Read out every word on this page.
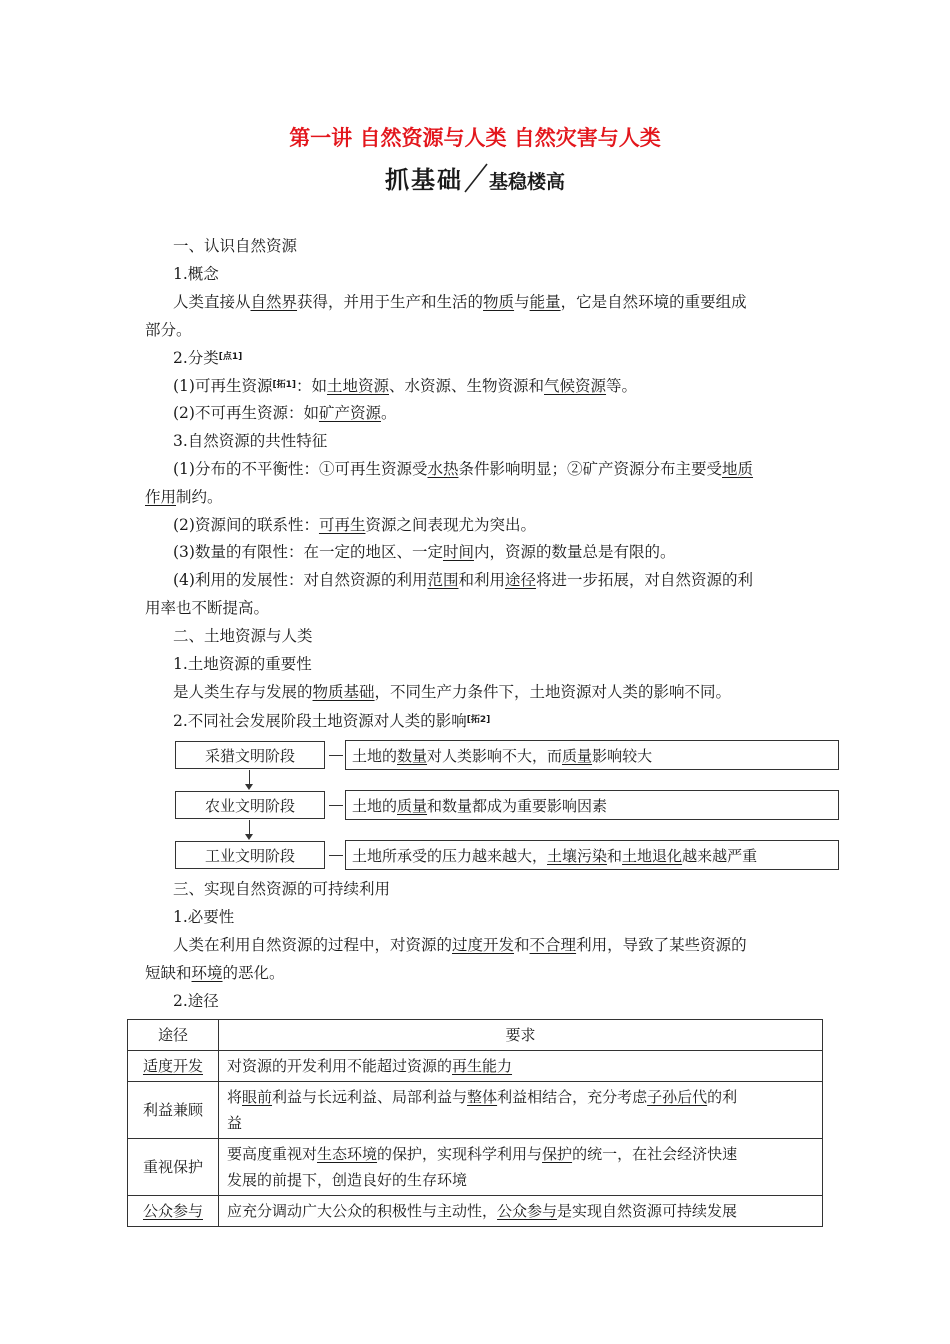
第一讲 自然资源与人类 自然灾害与人类
抓基础 基稳楼高
一、认识自然资源
1.概念
人类直接从自然界获得，并用于生产和生活的物质与能量，它是自然环境的重要组成
部分。
2.分类[点1]
(1)可再生资源[拓1]：如土地资源、水资源、生物资源和气候资源等。
(2)不可再生资源：如矿产资源。
3.自然资源的共性特征
(1)分布的不平衡性：①可再生资源受水热条件影响明显；②矿产资源分布主要受地质
作用制约。
(2)资源间的联系性：可再生资源之间表现尤为突出。
(3)数量的有限性：在一定的地区、一定时间内，资源的数量总是有限的。
(4)利用的发展性：对自然资源的利用范围和利用途径将进一步拓展，对自然资源的利
用率也不断提高。
二、土地资源与人类
1.土地资源的重要性
是人类生存与发展的物质基础，不同生产力条件下，土地资源对人类的影响不同。
2.不同社会发展阶段土地资源对人类的影响[拓2]
采猎文明阶段	土地的数量对人类影响不大，而质量影响较大
农业文明阶段	土地的质量和数量都成为重要影响因素
工业文明阶段	土地所承受的压力越来越大，土壤污染和土地退化越来越严重
三、实现自然资源的可持续利用
1.必要性
人类在利用自然资源的过程中，对资源的过度开发和不合理利用，导致了某些资源的
短缺和环境的恶化。
2.途径
途径	要求
适度开发	对资源的开发利用不能超过资源的再生能力
利益兼顾	将眼前利益与长远利益、局部利益与整体利益相结合，充分考虑子孙后代的利
益
重视保护	要高度重视对生态环境的保护，实现科学利用与保护的统一，在社会经济快速
发展的前提下，创造良好的生存环境
公众参与	应充分调动广大公众的积极性与主动性，公众参与是实现自然资源可持续发展
